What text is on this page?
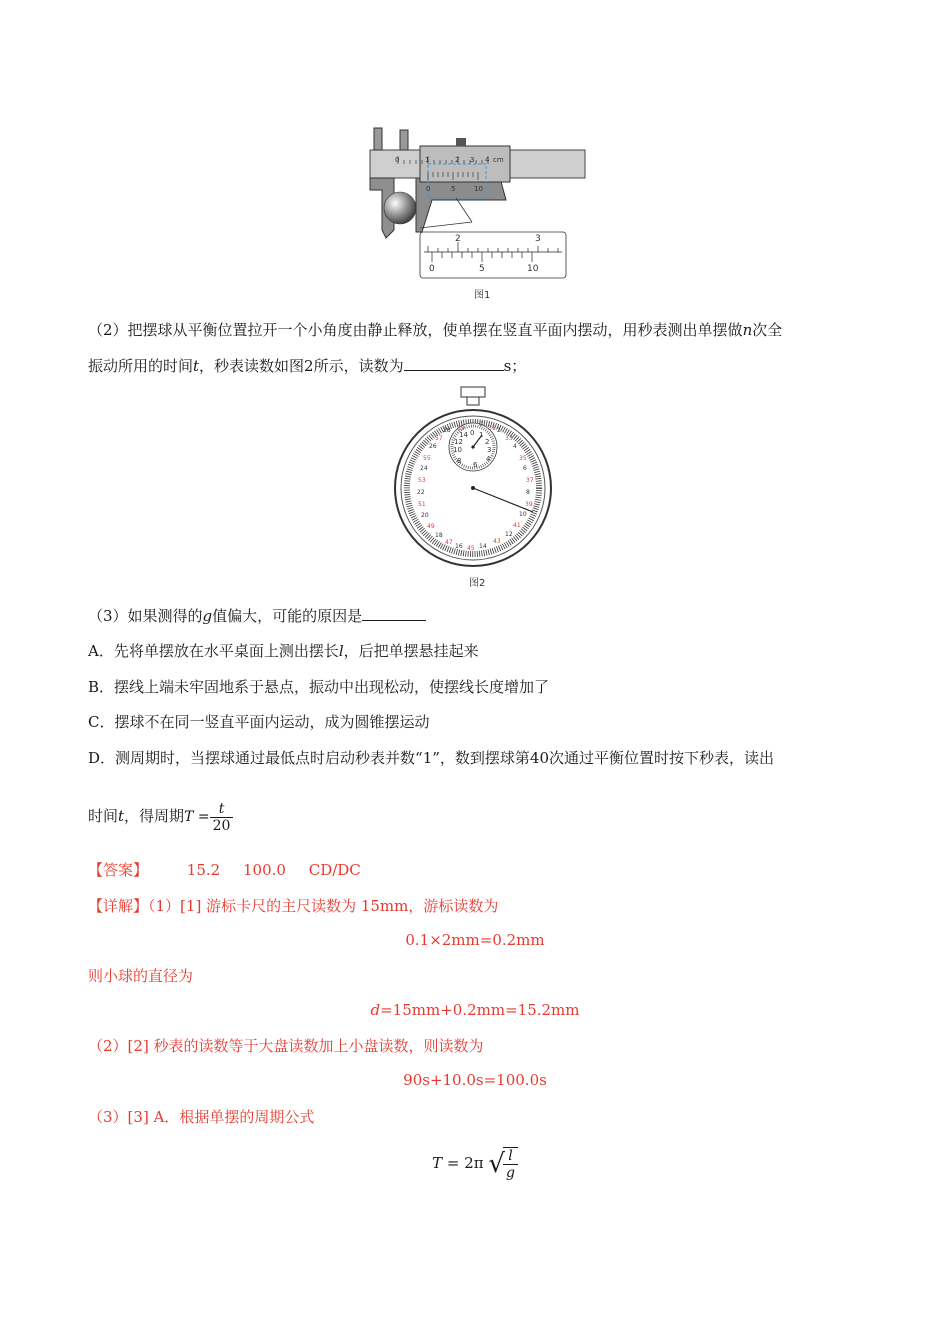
0	1	2 3 4 cm
0	5	10
2	3
0	5	10
图1
（2）把摆球从平衡位置拉开一个小角度由静止释放，使单摆在竖直平面内摆动，用秒表测出单摆做n次全
振动所用的时间t，秒表读数如图2所示，读数为	s；
0
14 1
2
12
3
10
4
8 6
28
26
24
22
20
18
16	14
12
10
8
6
4
2
0
57
55
53
51
49
47
45
43
41
39
37
35
33
31
59
图2
（3）如果测得的g值偏大，可能的原因是
A．先将单摆放在水平桌面上测出摆长l，后把单摆悬挂起来
B．摆线上端未牢固地系于悬点，振动中出现松动，使摆线长度增加了
C．摆球不在同一竖直平面内运动，成为圆锥摆运动
D．测周期时，当摆球通过最低点时启动秒表并数“1”，数到摆球第40次通过平衡位置时按下秒表，读出
时间t，得周期$T = \frac{t}{20}$
【答案】	15.2 100.0 CD/DC
【详解】（1）[1] 游标卡尺的主尺读数为 15mm，游标读数为
0.1×2mm=0.2mm
则小球的直径为
d=15mm+0.2mm=15.2mm
（2）[2] 秒表的读数等于大盘读数加上小盘读数，则读数为
90s+10.0s=100.0s
（3）[3] A．根据单摆的周期公式
T = 2π √
$\frac{l}{g}$
